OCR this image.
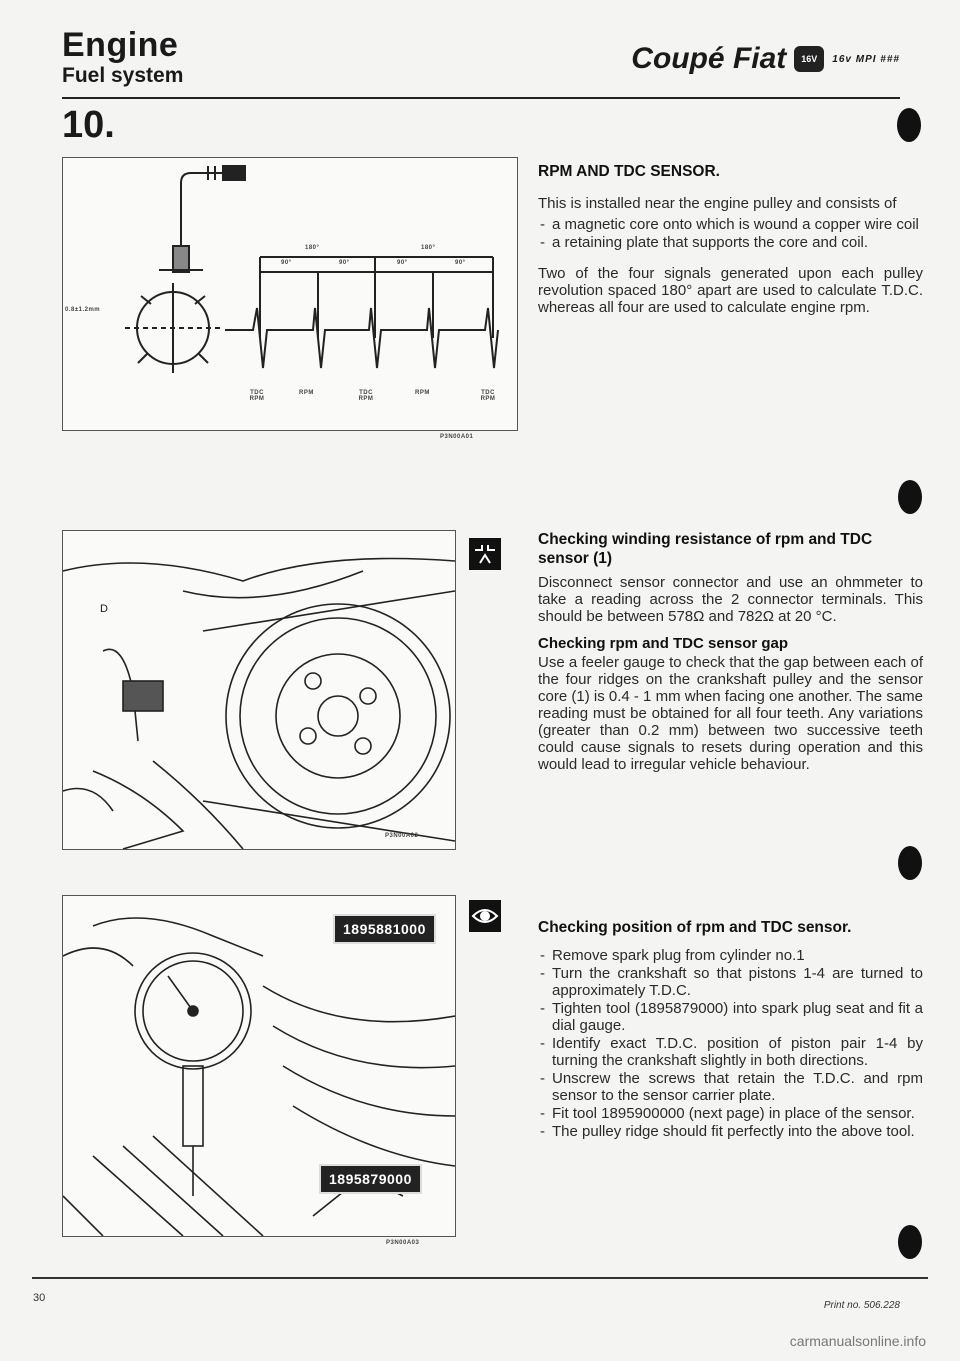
Engine
Fuel system
Coupé Fiat	16V	16v MPI ###
10.
0.8±1.2mm
180°	180°
90°	90°	90°	90°
TDC RPM
RPM	TDC RPM
RPM	TDC RPM
P3N00A01
D
P3N00A02
1895881000
1895879000
P3N00A03
RPM AND TDC SENSOR.

This is installed near the engine pulley and consists of

- a magnetic core onto which is wound a copper wire coil
- a retaining plate that supports the core and coil.

Two of the four signals generated upon each pulley revolution spaced 180° apart are used to calculate T.D.C. whereas all four are used to calculate engine rpm.

Checking winding resistance of rpm and TDC sensor (1)

Disconnect sensor connector and use an ohmmeter to take a reading across the 2 connector terminals. This should be between 578Ω and 782Ω at 20 °C.

Checking rpm and TDC sensor gap

Use a feeler gauge to check that the gap between each of the four ridges on the crankshaft pulley and the sensor core (1) is 0.4 - 1 mm when facing one another. The same reading must be obtained for all four teeth. Any variations (greater than 0.2 mm) between two successive teeth could cause signals to resets during operation and this would lead to irregular vehicle behaviour.

Checking position of rpm and TDC sensor.
- Remove spark plug from cylinder no.1
- Turn the crankshaft so that pistons 1-4 are turned to approximately T.D.C.
- Tighten tool (1895879000) into spark plug seat and fit a dial gauge.
- Identify exact T.D.C. position of piston pair 1-4 by turning the crankshaft slightly in both directions.
- Unscrew the screws that retain the T.D.C. and rpm sensor to the sensor carrier plate.
- Fit tool 1895900000 (next page) in place of the sensor.
- The pulley ridge should fit perfectly into the above tool.
30
Print no. 506.228
carmanualsonline.info
